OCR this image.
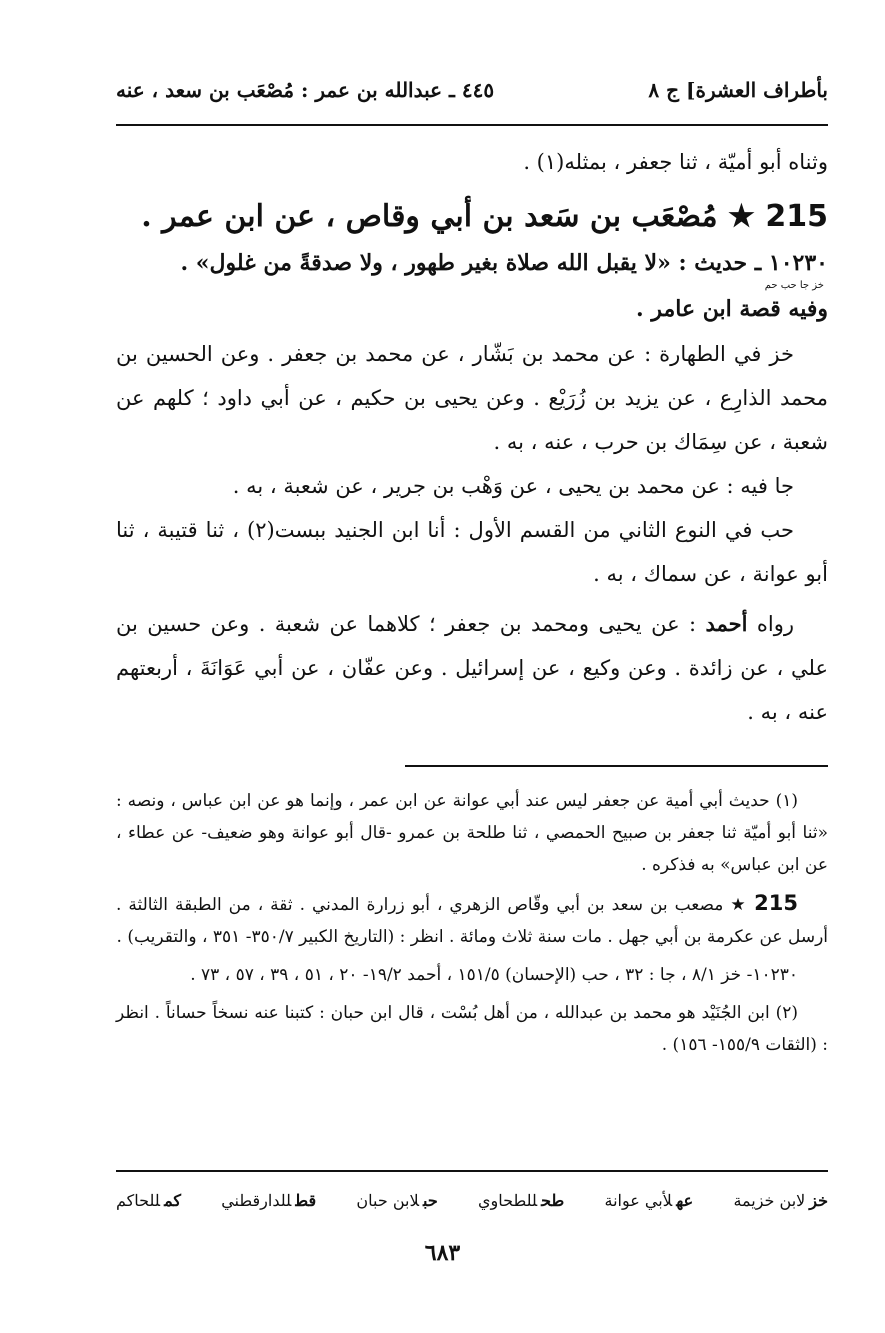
بأطراف العشرة] ج ٨
٤٤٥ ـ عبدالله بن عمر : مُصْعَب بن سعد ، عنه

وثناه أبو أميّة ، ثنا جعفر ، بمثله(١) .

215 ★ مُصْعَب بن سَعد بن أبي وقاص ، عن ابن عمر .
١٠٢٣٠ ـ حديث : «لا يقبل الله صلاة بغير طهور ، ولا صدقةً من غلول» .
خز جا حب حم
وفيه قصة ابن عامر .

خز في الطهارة : عن محمد بن بَشّار ، عن محمد بن جعفر . وعن الحسين بن محمد الذارِع ، عن يزيد بن زُرَيْع . وعن يحيى بن حكيم ، عن أبي داود ؛ كلهم عن شعبة ، عن سِمَاك بن حرب ، عنه ، به .

جا فيه : عن محمد بن يحيى ، عن وَهْب بن جرير ، عن شعبة ، به .

حب في النوع الثاني من القسم الأول : أنا ابن الجنيد ببست(٢) ، ثنا قتيبة ، ثنا أبو عوانة ، عن سماك ، به .

رواه أحمد : عن يحيى ومحمد بن جعفر ؛ كلاهما عن شعبة . وعن حسين بن علي ، عن زائدة . وعن وكيع ، عن إسرائيل . وعن عفّان ، عن أبي عَوَانَةَ ، أربعتهم عنه ، به .

(١) حديث أبي أمية عن جعفر ليس عند أبي عوانة عن ابن عمر ، وإنما هو عن ابن عباس ، ونصه : «ثنا أبو أميّة ثنا جعفر بن صبيح الحمصي ، ثنا طلحة بن عمرو -قال أبو عوانة وهو ضعيف- عن عطاء ، عن ابن عباس» به فذكره .

215 ★ مصعب بن سعد بن أبي وقّاص الزهري ، أبو زرارة المدني . ثقة ، من الطبقة الثالثة . أرسل عن عكرمة بن أبي جهل . مات سنة ثلاث ومائة . انظر : (التاريخ الكبير ٣٥٠/٧- ٣٥١ ، والتقريب) .

١٠٢٣٠- خز ٨/١ ، جا : ٣٢ ، حب (الإحسان) ١٥١/٥ ، أحمد ١٩/٢- ٢٠ ، ٥١ ، ٣٩ ، ٥٧ ، ٧٣ .

(٢) ابن الجُنَيْد هو محمد بن عبدالله ، من أهل بُسْت ، قال ابن حبان : كتبنا عنه نسخاً حساناً . انظر : (الثقات ١٥٥/٩- ١٥٦) .

خزلابن خزيمة
عهلأبي عوانة
طحللطحاوي
حبلابن حبان
قطللدارقطني
كمللحاكم
٦٨٣
